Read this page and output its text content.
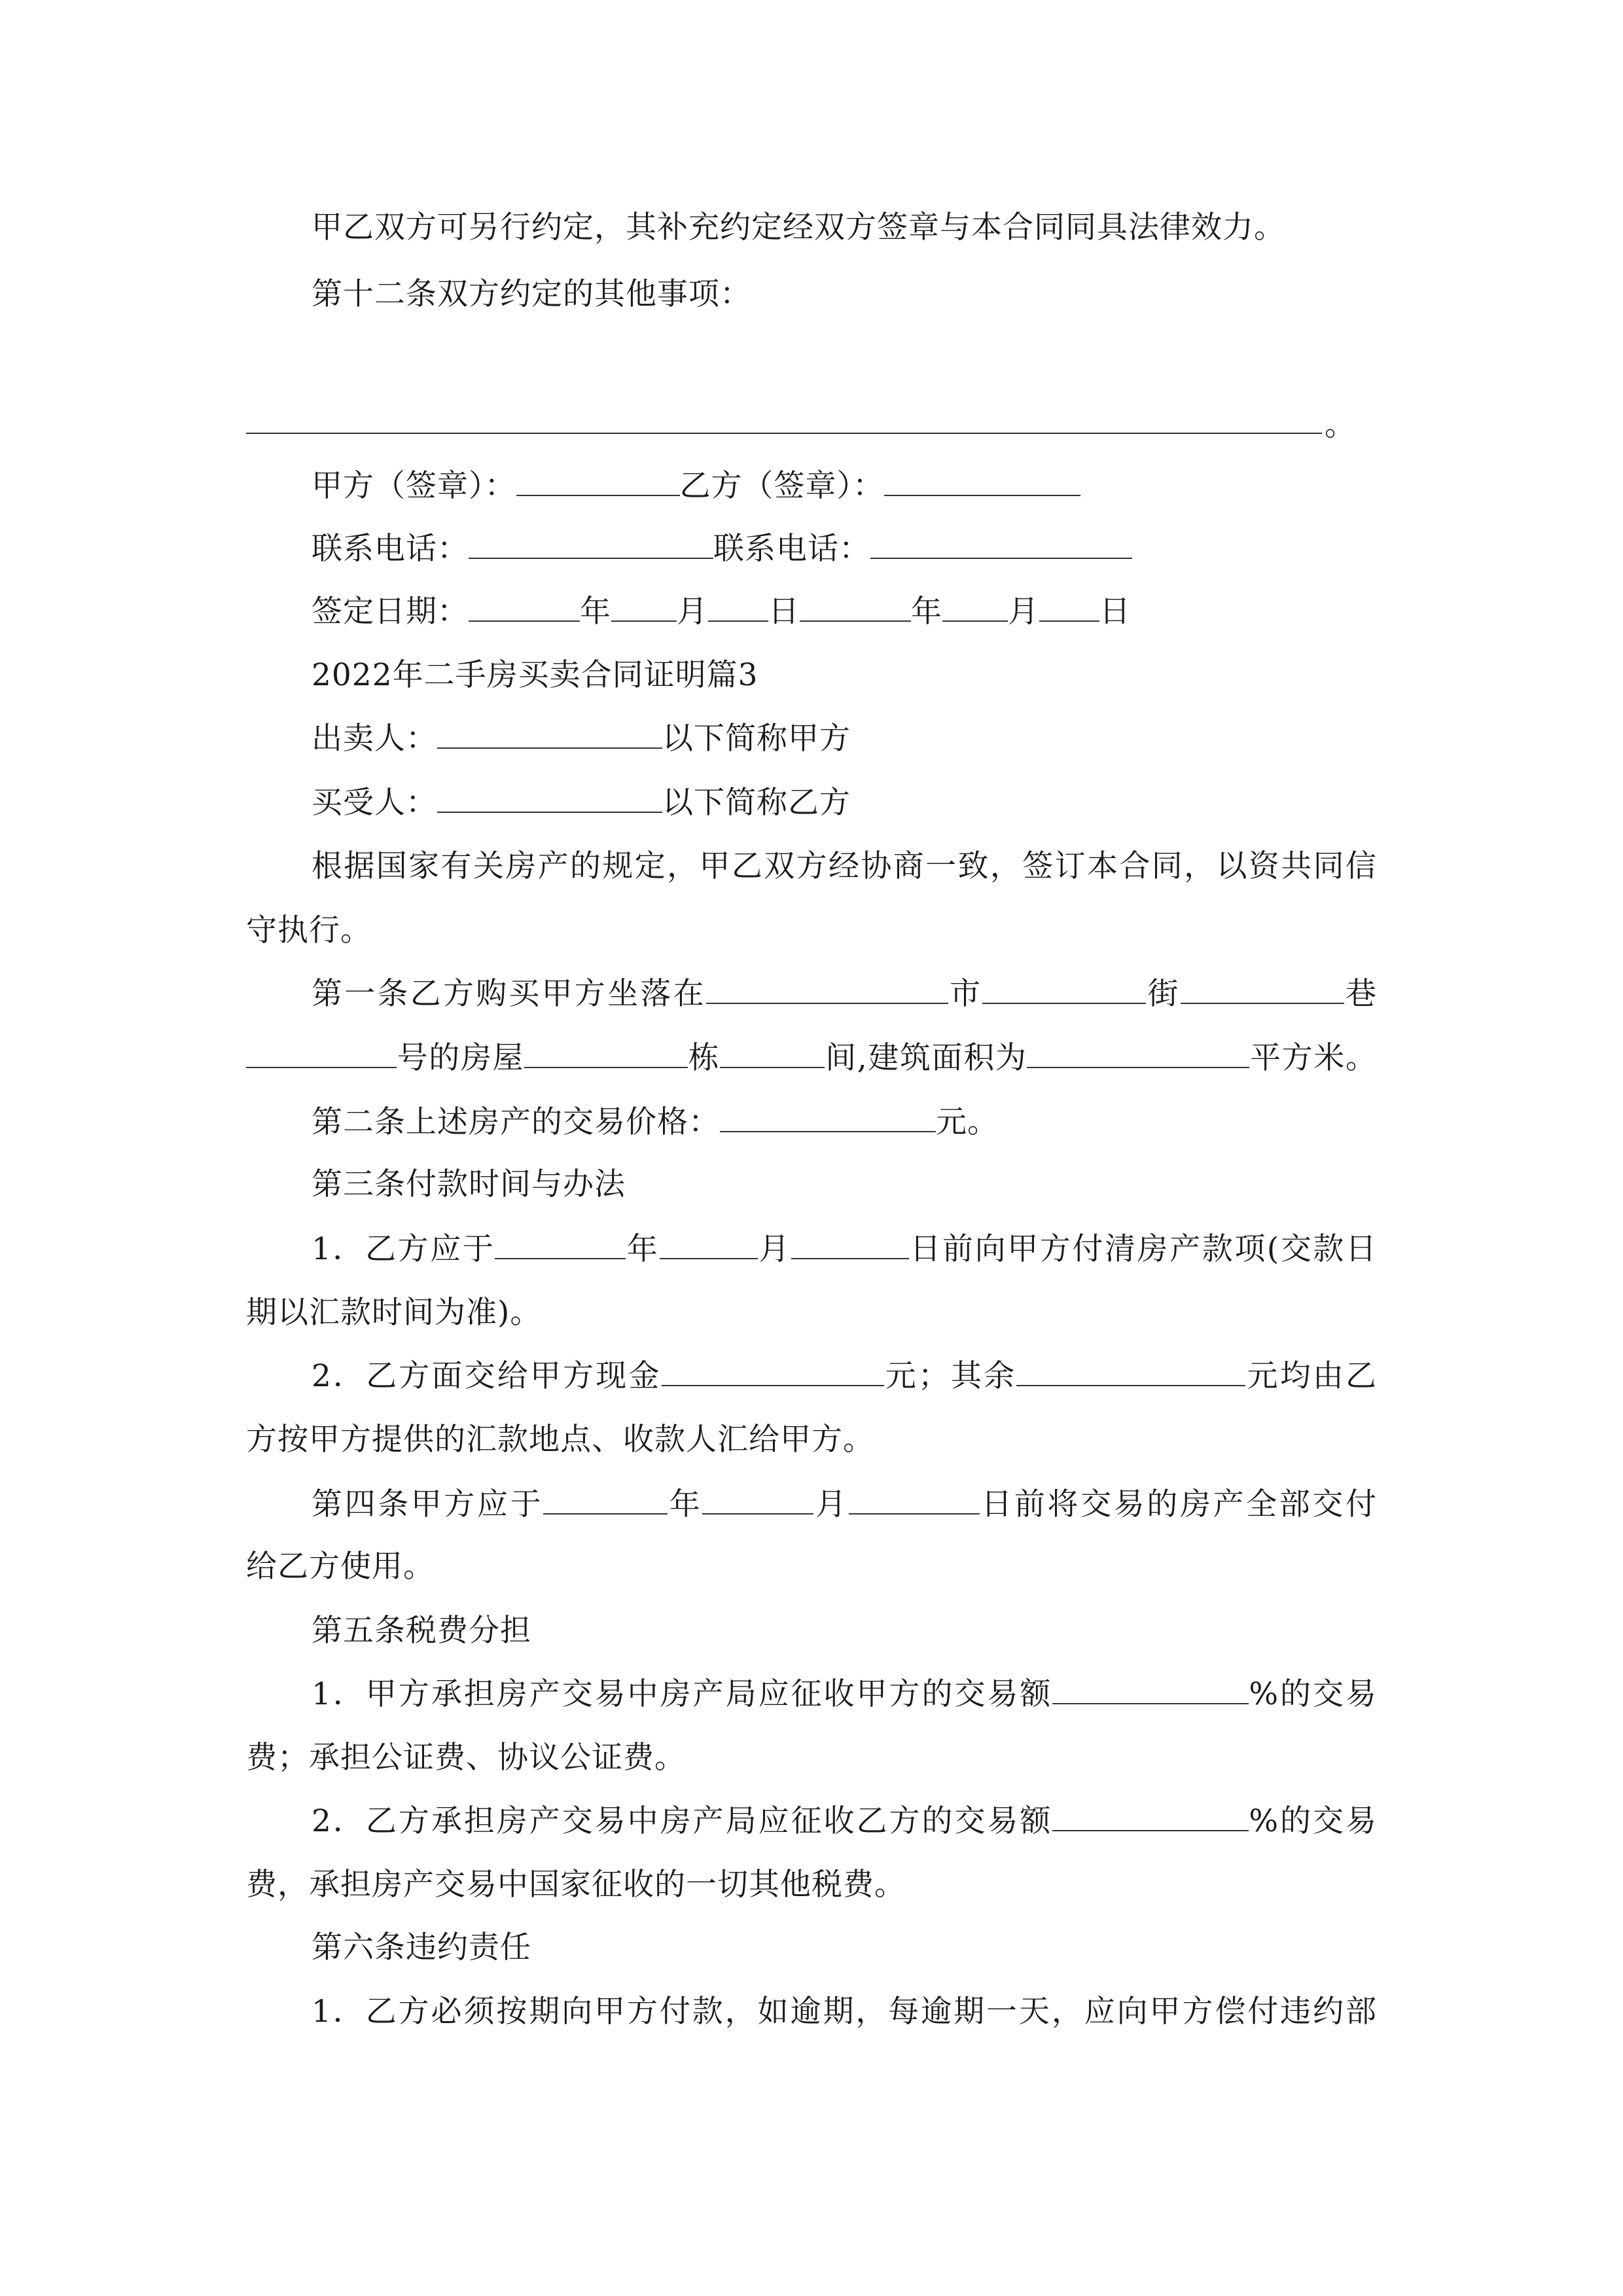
甲乙双方可另行约定，其补充约定经双方签章与本合同同具法律效力。
第十二条双方约定的其他事项：
。
甲方（签章）：	乙方（签章）：
联系电话：	联系电话：
签定日期：	年 月 日	年 月 日
2022年二手房买卖合同证明篇3
出卖人：	以下简称甲方
买受人：	以下简称乙方
根据国家有关房产的规定，甲乙双方经协商一致，签订本合同，以资共同信
守执行。
第一条乙方购买甲方坐落在	市	街	巷
号的房屋	栋	间,建筑面积为	平方米。
第二条上述房产的交易价格：	元。
第三条付款时间与办法
1．乙方应于	年	月	日前向甲方付清房产款项(交款日
期以汇款时间为准)。
2．乙方面交给甲方现金	元；其余	元均由乙
方按甲方提供的汇款地点、收款人汇给甲方。
第四条甲方应于	年	月	日前将交易的房产全部交付
给乙方使用。
第五条税费分担
1．甲方承担房产交易中房产局应征收甲方的交易额	%的交易
费；承担公证费、协议公证费。
2．乙方承担房产交易中房产局应征收乙方的交易额	%的交易
费，承担房产交易中国家征收的一切其他税费。
第六条违约责任
1．乙方必须按期向甲方付款，如逾期，每逾期一天，应向甲方偿付违约部
